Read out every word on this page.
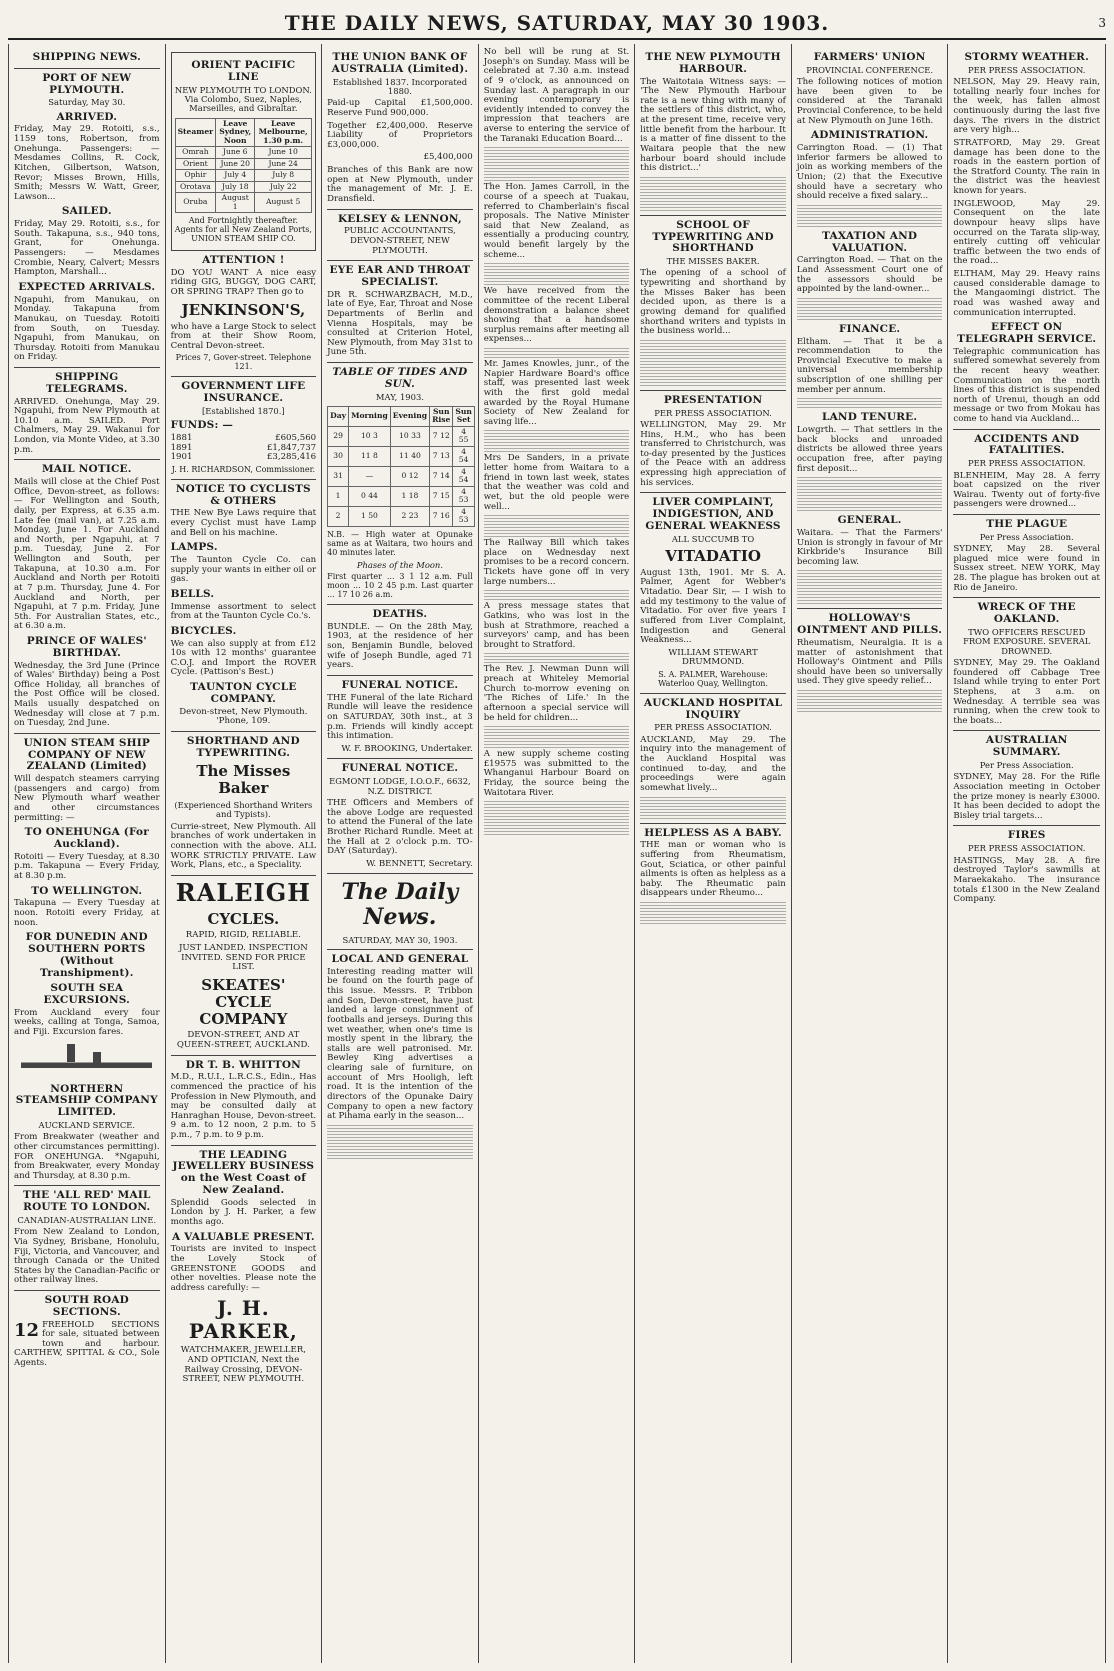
THE DAILY NEWS, SATURDAY, MAY 30 1903.	3
SHIPPING NEWS.
PORT OF NEW PLYMOUTH.
Saturday, May 30.
ARRIVED.
Friday, May 29. Rotoiti, s.s., 1159 tons, Robertson, from Onehunga. Passengers: — Mesdames Collins, R. Cock, Kitchen, Gilbertson, Watson, Revor; Misses Brown, Hills, Smith; Messrs W. Watt, Greer, Lawson...
SAILED.
Friday, May 29. Rotoiti, s.s., for South. Takapuna, s.s., 940 tons, Grant, for Onehunga. Passengers: — Mesdames Crombie, Neary, Calvert; Messrs Hampton, Marshall...
EXPECTED ARRIVALS.
Ngapuhi, from Manukau, on Monday. Takapuna from Manukau, on Tuesday. Rotoiti from South, on Tuesday. Ngapuhi, from Manukau, on Thursday. Rotoiti from Manukau on Friday.
SHIPPING TELEGRAMS.
ARRIVED. Onehunga, May 29. Ngapuhi, from New Plymouth at 10.10 a.m. SAILED. Port Chalmers, May 29. Wakanui for London, via Monte Video, at 3.30 p.m.
MAIL NOTICE.
Mails will close at the Chief Post Office, Devon-street, as follows: — For Wellington and South, daily, per Express, at 6.35 a.m. Late fee (mail van), at 7.25 a.m. Monday, June 1. For Auckland and North, per Ngapuhi, at 7 p.m. Tuesday, June 2. For Wellington and South, per Takapuna, at 10.30 a.m. For Auckland and North per Rotoiti at 7 p.m. Thursday, June 4. For Auckland and North, per Ngapuhi, at 7 p.m. Friday, June 5th. For Australian States, etc., at 6.30 a.m.
PRINCE OF WALES' BIRTHDAY.
Wednesday, the 3rd June (Prince of Wales' Birthday) being a Post Office Holiday, all branches of the Post Office will be closed. Mails usually despatched on Wednesday will close at 7 p.m. on Tuesday, 2nd June.
UNION STEAM SHIP COMPANY OF NEW ZEALAND (Limited)
Will despatch steamers carrying (passengers and cargo) from New Plymouth wharf weather and other circumstances permitting: —
TO ONEHUNGA (For Auckland).
Rotoiti — Every Tuesday, at 8.30 p.m. Takapuna — Every Friday, at 8.30 p.m.
TO WELLINGTON.
Takapuna — Every Tuesday at noon. Rotoiti every Friday, at noon.
FOR DUNEDIN AND SOUTHERN PORTS (Without Transhipment).
SOUTH SEA EXCURSIONS.
From Auckland every four weeks, calling at Tonga, Samoa, and Fiji. Excursion fares.
NORTHERN STEAMSHIP COMPANY LIMITED.
AUCKLAND SERVICE.
From Breakwater (weather and other circumstances permitting). FOR ONEHUNGA. *Ngapuhi, from Breakwater, every Monday and Thursday, at 8.30 p.m.
THE 'ALL RED' MAIL ROUTE TO LONDON.
CANADIAN-AUSTRALIAN LINE.
From New Zealand to London, Via Sydney, Brisbane, Honolulu, Fiji, Victoria, and Vancouver, and through Canada or the United States by the Canadian-Pacific or other railway lines.
SOUTH ROAD SECTIONS.
12 FREEHOLD SECTIONS for sale, situated between town and harbour. CARTHEW, SPITTAL & CO., Sole Agents.
ORIENT PACIFIC LINE
NEW PLYMOUTH TO LONDON. Via Colombo, Suez, Naples, Marseilles, and Gibraltar.
Steamer	Leave Sydney, Noon	Leave Melbourne, 1.30 p.m.
Omrah	June 6	June 10
Orient	June 20	June 24
Ophir	July 4	July 8
Orotava	July 18	July 22
Oruba	August 1	August 5
And Fortnightly thereafter. Agents for all New Zealand Ports, UNION STEAM SHIP CO.
ATTENTION !
DO YOU WANT A nice easy riding GIG, BUGGY, DOG CART, OR SPRING TRAP? Then go to
JENKINSON'S,
who have a Large Stock to select from at their Show Room, Central Devon-street.
Prices 7, Gover-street. Telephone 121.
GOVERNMENT LIFE INSURANCE.
[Established 1870.]
FUNDS: —
1881	£605,560
1891	£1,847,737
1901	£3,285,416
J. H. RICHARDSON, Commissioner.
NOTICE TO CYCLISTS & OTHERS
THE New Bye Laws require that every Cyclist must have Lamp and Bell on his machine.
LAMPS.
The Taunton Cycle Co. can supply your wants in either oil or gas.
BELLS.
Immense assortment to select from at the Taunton Cycle Co.'s.
BICYCLES.
We can also supply at from £12 10s with 12 months' guarantee C.O.J. and Import the ROVER Cycle. (Pattison's Best.)
TAUNTON CYCLE COMPANY.
Devon-street, New Plymouth. 'Phone, 109.
SHORTHAND AND TYPEWRITING.
The Misses Baker
(Experienced Shorthand Writers and Typists).
Currie-street, New Plymouth. All branches of work undertaken in connection with the above. ALL WORK STRICTLY PRIVATE. Law Work, Plans, etc., a Speciality.
RALEIGH
CYCLES.
RAPID, RIGID, RELIABLE.
JUST LANDED. INSPECTION INVITED. SEND FOR PRICE LIST.
SKEATES' CYCLE COMPANY
DEVON-STREET, AND AT QUEEN-STREET, AUCKLAND.
DR T. B. WHITTON
M.D., R.U.I., L.R.C.S., Edin., Has commenced the practice of his Profession in New Plymouth, and may be consulted daily at Hanraghan House, Devon-street. 9 a.m. to 12 noon, 2 p.m. to 5 p.m., 7 p.m. to 9 p.m.
THE LEADING JEWELLERY BUSINESS on the West Coast of New Zealand.
Splendid Goods selected in London by J. H. Parker, a few months ago.
A VALUABLE PRESENT.
Tourists are invited to inspect the Lovely Stock of GREENSTONE GOODS and other novelties. Please note the address carefully: —
J. H. PARKER,
WATCHMAKER, JEWELLER, AND OPTICIAN, Next the Railway Crossing, DEVON-STREET, NEW PLYMOUTH.
THE UNION BANK OF AUSTRALIA (Limited).
Established 1837. Incorporated 1880.
Paid-up Capital £1,500,000. Reserve Fund 900,000.
Together £2,400,000. Reserve Liability of Proprietors £3,000,000.
£5,400,000
Branches of this Bank are now open at New Plymouth, under the management of Mr. J. E. Dransfield.
KELSEY & LENNON,
PUBLIC ACCOUNTANTS, DEVON-STREET, NEW PLYMOUTH.
EYE EAR AND THROAT SPECIALIST.
DR R. SCHWARZBACH, M.D., late of Eye, Ear, Throat and Nose Departments of Berlin and Vienna Hospitals, may be consulted at Criterion Hotel, New Plymouth, from May 31st to June 5th.
TABLE OF TIDES AND SUN.
MAY, 1903.
Day	Morning	Evening	Sun Rise	Sun Set
29	10 3	10 33	7 12	4 55
30	11 8	11 40	7 13	4 54
31	—	0 12	7 14	4 54
1	0 44	1 18	7 15	4 53
2	1 50	2 23	7 16	4 53
N.B. — High water at Opunake same as at Waitara, two hours and 40 minutes later.
Phases of the Moon.
First quarter ... 3 1 12 a.m. Full moon ... 10 2 45 p.m. Last quarter ... 17 10 26 a.m.
DEATHS.
BUNDLE. — On the 28th May, 1903, at the residence of her son, Benjamin Bundle, beloved wife of Joseph Bundle, aged 71 years.
FUNERAL NOTICE.
THE Funeral of the late Richard Rundle will leave the residence on SATURDAY, 30th inst., at 3 p.m. Friends will kindly accept this intimation.
W. F. BROOKING, Undertaker.
FUNERAL NOTICE.
EGMONT LODGE, I.O.O.F., 6632, N.Z. DISTRICT.
THE Officers and Members of the above Lodge are requested to attend the Funeral of the late Brother Richard Rundle. Meet at the Hall at 2 o'clock p.m. TO-DAY (Saturday).
W. BENNETT, Secretary.
The Daily News.
SATURDAY, MAY 30, 1903.
LOCAL AND GENERAL
Interesting reading matter will be found on the fourth page of this issue. Messrs. P. Tribbon and Son, Devon-street, have just landed a large consignment of footballs and jerseys. During this wet weather, when one's time is mostly spent in the library, the stalls are well patronised. Mr. Bewley King advertises a clearing sale of furniture, on account of Mrs Hooligh, left road. It is the intention of the directors of the Opunake Dairy Company to open a new factory at Pihama early in the season...
No bell will be rung at St. Joseph's on Sunday. Mass will be celebrated at 7.30 a.m. instead of 9 o'clock, as announced on Sunday last. A paragraph in our evening contemporary is evidently intended to convey the impression that teachers are averse to entering the service of the Taranaki Education Board...
The Hon. James Carroll, in the course of a speech at Tuakau, referred to Chamberlain's fiscal proposals. The Native Minister said that New Zealand, as essentially a producing country, would benefit largely by the scheme...
We have received from the committee of the recent Liberal demonstration a balance sheet showing that a handsome surplus remains after meeting all expenses...
Mr. James Knowles, junr., of the Napier Hardware Board's office staff, was presented last week with the first gold medal awarded by the Royal Humane Society of New Zealand for saving life...
Mrs De Sanders, in a private letter home from Waitara to a friend in town last week, states that the weather was cold and wet, but the old people were well...
The Railway Bill which takes place on Wednesday next promises to be a record concern. Tickets have gone off in very large numbers...
A press message states that Gatkins, who was lost in the bush at Strathmore, reached a surveyors' camp, and has been brought to Stratford.
The Rev. J. Newman Dunn will preach at Whiteley Memorial Church to-morrow evening on 'The Riches of Life.' In the afternoon a special service will be held for children...
A new supply scheme costing £19575 was submitted to the Whanganui Harbour Board on Friday, the source being the Waitotara River.
THE NEW PLYMOUTH HARBOUR.
The Waitotaia Witness says: — 'The New Plymouth Harbour rate is a new thing with many of the settlers of this district, who, at the present time, receive very little benefit from the harbour. It is a matter of fine dissent to the Waitara people that the new harbour board should include this district...'
SCHOOL OF TYPEWRITING AND SHORTHAND
THE MISSES BAKER.
The opening of a school of typewriting and shorthand by the Misses Baker has been decided upon, as there is a growing demand for qualified shorthand writers and typists in the business world...
PRESENTATION
PER PRESS ASSOCIATION.
WELLINGTON, May 29. Mr Hins, H.M., who has been transferred to Christchurch, was to-day presented by the Justices of the Peace with an address expressing high appreciation of his services.
LIVER COMPLAINT, INDIGESTION, AND GENERAL WEAKNESS
ALL SUCCUMB TO
VITADATIO
August 13th, 1901. Mr S. A. Palmer, Agent for Webber's Vitadatio. Dear Sir, — I wish to add my testimony to the value of Vitadatio. For over five years I suffered from Liver Complaint, Indigestion and General Weakness...
WILLIAM STEWART DRUMMOND.
S. A. PALMER, Warehouse: Waterloo Quay, Wellington.
AUCKLAND HOSPITAL INQUIRY
PER PRESS ASSOCIATION.
AUCKLAND, May 29. The inquiry into the management of the Auckland Hospital was continued to-day, and the proceedings were again somewhat lively...
HELPLESS AS A BABY.
THE man or woman who is suffering from Rheumatism, Gout, Sciatica, or other painful ailments is often as helpless as a baby. The Rheumatic pain disappears under Rheumo...
FARMERS' UNION
PROVINCIAL CONFERENCE.
The following notices of motion have been given to be considered at the Taranaki Provincial Conference, to be held at New Plymouth on June 16th.
ADMINISTRATION.
Carrington Road. — (1) That inferior farmers be allowed to join as working members of the Union; (2) that the Executive should have a secretary who should receive a fixed salary...
TAXATION AND VALUATION.
Carrington Road. — That on the Land Assessment Court one of the assessors should be appointed by the land-owner...
FINANCE.
Eltham. — That it be a recommendation to the Provincial Executive to make a universal membership subscription of one shilling per member per annum.
LAND TENURE.
Lowgrth. — That settlers in the back blocks and unroaded districts be allowed three years occupation free, after paying first deposit...
GENERAL.
Waitara. — That the Farmers' Union is strongly in favour of Mr Kirkbride's Insurance Bill becoming law.
HOLLOWAY'S OINTMENT AND PILLS.
Rheumatism, Neuralgia. It is a matter of astonishment that Holloway's Ointment and Pills should have been so universally used. They give speedy relief...
STORMY WEATHER.
PER PRESS ASSOCIATION.
NELSON, May 29. Heavy rain, totalling nearly four inches for the week, has fallen almost continuously during the last five days. The rivers in the district are very high...
STRATFORD, May 29. Great damage has been done to the roads in the eastern portion of the Stratford County. The rain in the district was the heaviest known for years.
INGLEWOOD, May 29. Consequent on the late downpour heavy slips have occurred on the Tarata slip-way, entirely cutting off vehicular traffic between the two ends of the road...
ELTHAM, May 29. Heavy rains caused considerable damage to the Mangaomingi district. The road was washed away and communication interrupted.
EFFECT ON TELEGRAPH SERVICE.
Telegraphic communication has suffered somewhat severely from the recent heavy weather. Communication on the north lines of this district is suspended north of Urenui, though an odd message or two from Mokau has come to hand via Auckland...
ACCIDENTS AND FATALITIES.
PER PRESS ASSOCIATION.
BLENHEIM, May 28. A ferry boat capsized on the river Wairau. Twenty out of forty-five passengers were drowned...
THE PLAGUE
Per Press Association.
SYDNEY, May 28. Several plagued mice were found in Sussex street. NEW YORK, May 28. The plague has broken out at Rio de Janeiro.
WRECK OF THE OAKLAND.
TWO OFFICERS RESCUED FROM EXPOSURE. SEVERAL DROWNED.
SYDNEY, May 29. The Oakland foundered off Cabbage Tree Island while trying to enter Port Stephens, at 3 a.m. on Wednesday. A terrible sea was running, when the crew took to the boats...
AUSTRALIAN SUMMARY.
Per Press Association.
SYDNEY, May 28. For the Rifle Association meeting in October the prize money is nearly £3000. It has been decided to adopt the Bisley trial targets...
FIRES
PER PRESS ASSOCIATION.
HASTINGS, May 28. A fire destroyed Taylor's sawmills at Maraekakaho. The insurance totals £1300 in the New Zealand Company.
